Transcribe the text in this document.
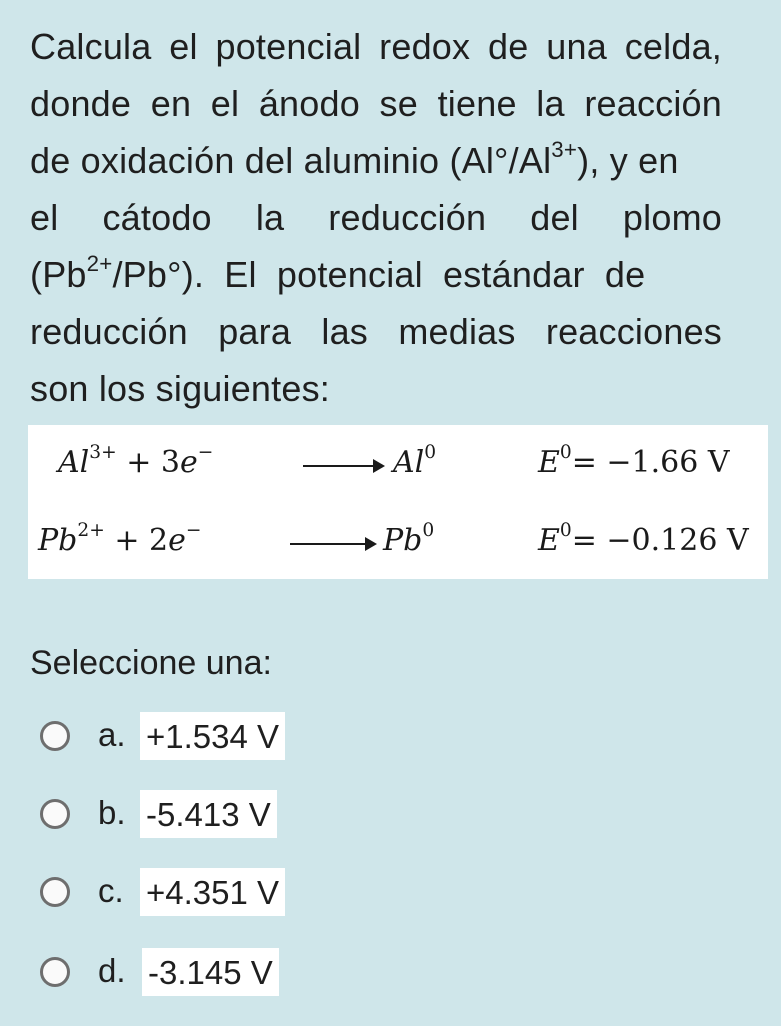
Calcula el potencial redox de una celda,
donde en el ánodo se tiene la reacción
de oxidación del aluminio $(Al^\circ/Al^{3+})$, y en
el cátodo la reducción del plomo
$(Pb^{2+}/Pb^\circ)$. El potencial estándar de
reducción para las medias reacciones
son los siguientes:
$Al^{3+} + 3e^- \to Al^0$	$E^0= -1.66$ V
$Pb^{2+} + 2e^- \to Pb^0$	$E^0= -0.126$ V
Seleccione una:
a. +1.534 V
b. -5.413 V
c. +4.351 V
d. -3.145 V
